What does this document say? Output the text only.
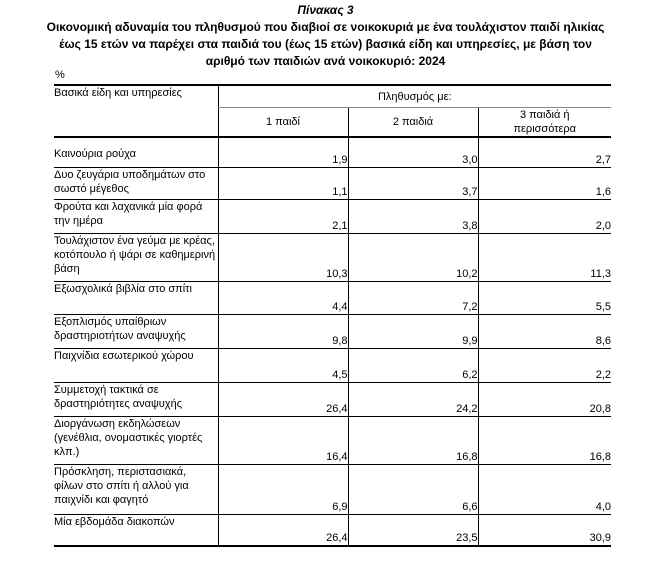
Πίνακας 3
Οικονομική αδυναμία του πληθυσμού που διαβιοί σε νοικοκυριά με ένα τουλάχιστον παιδί ηλικίας έως 15 ετών να παρέχει στα παιδιά του (έως 15 ετών) βασικά είδη και υπηρεσίες, με βάση τον αριθμό των παιδιών ανά νοικοκυριό: 2024
%
Βασικά είδη και υπηρεσίες	Πληθυσμός με:		
	1 παιδί	2 παιδιά	3 παιδιά ή περισσότερα
Καινούρια ρούχα	1,9	3,0	2,7
Δυο ζευγάρια υποδημάτων στο σωστό μέγεθος	1,1	3,7	1,6
Φρούτα και λαχανικά μία φορά την ημέρα	2,1	3,8	2,0
Τουλάχιστον ένα γεύμα με κρέας, κοτόπουλο ή ψάρι σε καθημερινή βάση	10,3	10,2	11,3
Εξωσχολικά βιβλία στο σπίτι	4,4	7,2	5,5
Εξοπλισμός υπαίθριων δραστηριοτήτων αναψυχής	9,8	9,9	8,6
Παιχνίδια εσωτερικού χώρου	4,5	6,2	2,2
Συμμετοχή τακτικά σε δραστηριότητες αναψυχής	26,4	24,2	20,8
Διοργάνωση εκδηλώσεων (γενέθλια, ονομαστικές γιορτές κλπ.)	16,4	16,8	16,8
Πρόσκληση, περιστασιακά, φίλων στο σπίτι ή αλλού για παιχνίδι και φαγητό	6,9	6,6	4,0
Μία εβδομάδα διακοπών	26,4	23,5	30,9
